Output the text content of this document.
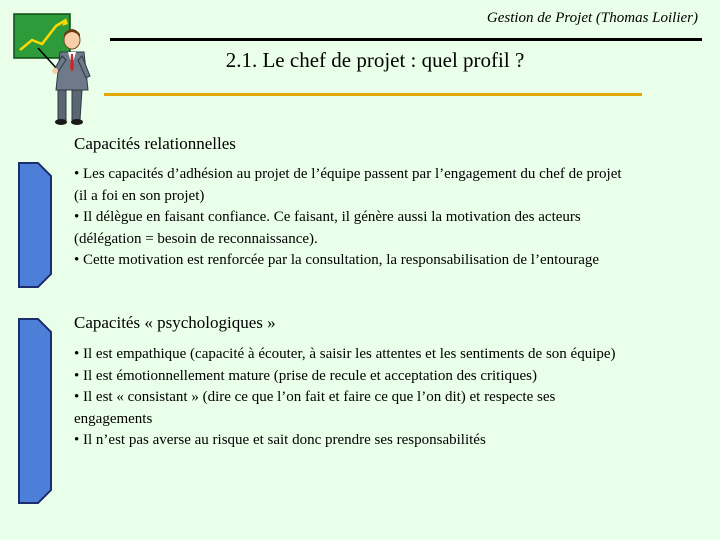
Gestion de Projet (Thomas Loilier)
2.1. Le chef de projet : quel profil ?
Capacités relationnelles

• Les capacités d’adhésion au projet de l’équipe passent par l’engagement du chef de projet (il a foi en son projet)

• Il délègue en faisant confiance. Ce faisant, il génère aussi la motivation des acteurs (délégation = besoin de reconnaissance).

• Cette motivation est renforcée par la consultation, la responsabilisation de l’entourage

Capacités « psychologiques »

• Il est empathique (capacité à écouter, à saisir les attentes et les sentiments de son équipe)

• Il est émotionnellement mature (prise de recule et acceptation des critiques)

• Il est « consistant » (dire ce que l’on fait et faire ce que l’on dit) et respecte ses engagements

• Il n’est pas averse au risque et sait donc prendre ses responsabilités
